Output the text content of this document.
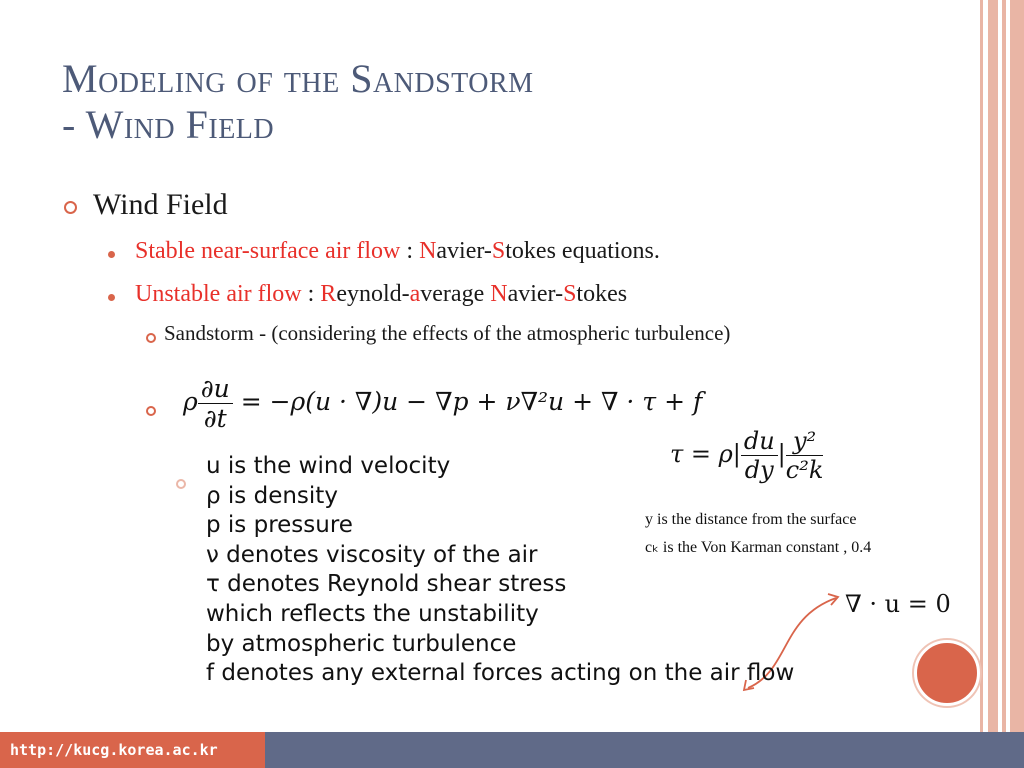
Modeling of the Sandstorm
- Wind Field
Wind Field
Stable near-surface air flow : Navier-Stokes equations.
Unstable air flow : Reynold-average Navier-Stokes
Sandstorm - (considering the effects of the atmospheric turbulence)
ρ $\frac{\partial u}{\partial t} = -\rho(u \cdot \nabla)u - \nabla p + \nu\nabla^2u$ + ∇ · τ + f
$\tau = \rho| \frac{du}{dy}$ | $\frac{\text{y²}}{\text{c²k}}$
y is the distance from the surface
cₖ is the Von Karman constant , 0.4
∇ · u = 0
u is the wind velocity
ρ is density
p is pressure
ν denotes viscosity of the air
τ denotes Reynold shear stress
which reflects the unstability
by atmospheric turbulence
f denotes any external forces acting on the air flow
http://kucg.korea.ac.kr
